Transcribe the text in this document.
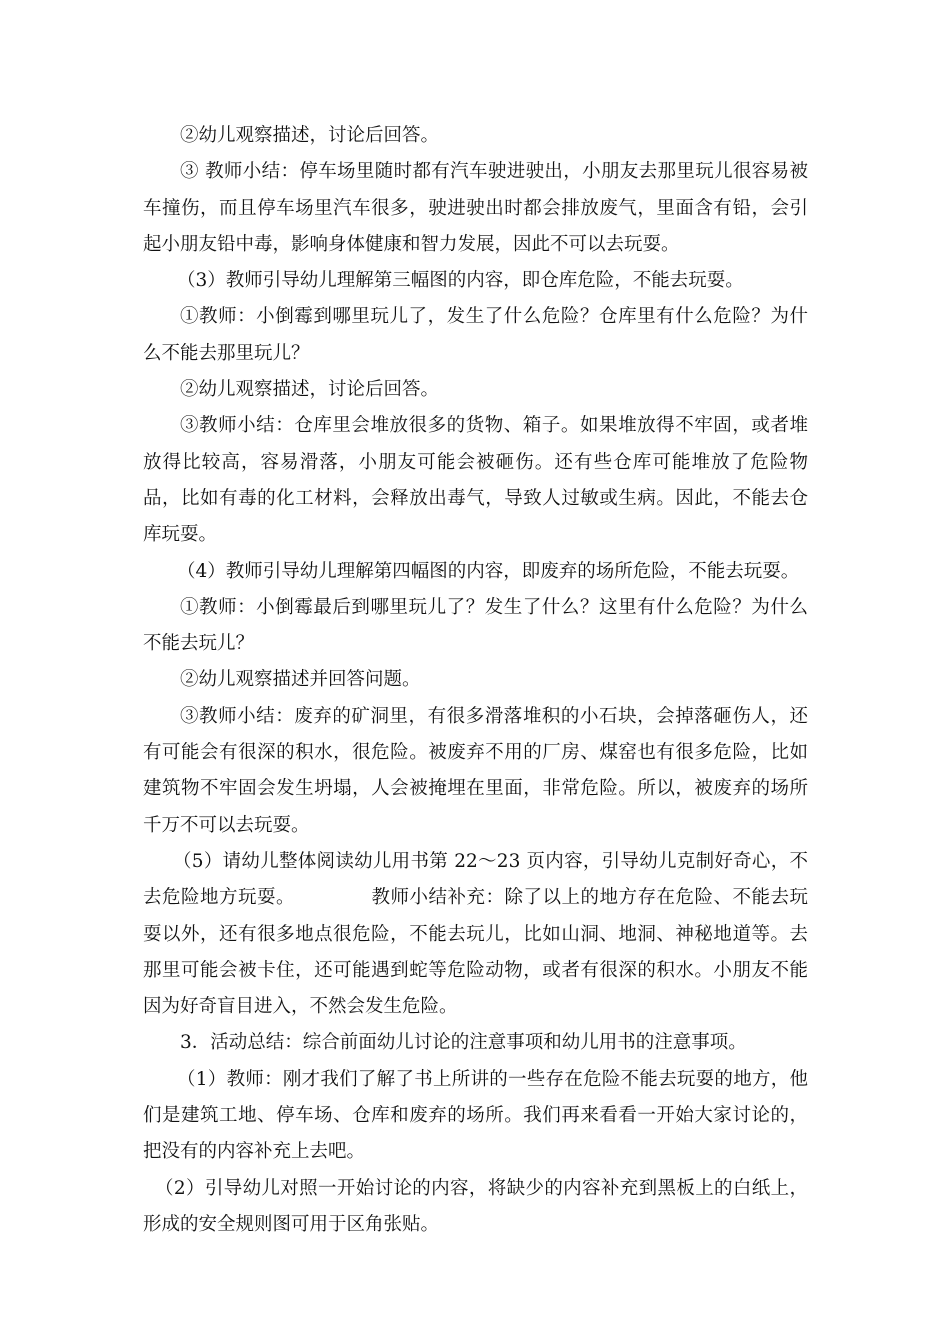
②幼儿观察描述，讨论后回答。

③ 教师小结：停车场里随时都有汽车驶进驶出，小朋友去那里玩儿很容易被车撞伤，而且停车场里汽车很多，驶进驶出时都会排放废气，里面含有铅，会引起小朋友铅中毒，影响身体健康和智力发展，因此不可以去玩耍。

（3）教师引导幼儿理解第三幅图的内容，即仓库危险，不能去玩耍。

①教师：小倒霉到哪里玩儿了，发生了什么危险？仓库里有什么危险？为什么不能去那里玩儿？

②幼儿观察描述，讨论后回答。

③教师小结：仓库里会堆放很多的货物、箱子。如果堆放得不牢固，或者堆放得比较高，容易滑落，小朋友可能会被砸伤。还有些仓库可能堆放了危险物品，比如有毒的化工材料，会释放出毒气，导致人过敏或生病。因此，不能去仓库玩耍。

（4）教师引导幼儿理解第四幅图的内容，即废弃的场所危险，不能去玩耍。

①教师：小倒霉最后到哪里玩儿了？发生了什么？这里有什么危险？为什么不能去玩儿？

②幼儿观察描述并回答问题。

③教师小结：废弃的矿洞里，有很多滑落堆积的小石块，会掉落砸伤人，还有可能会有很深的积水，很危险。被废弃不用的厂房、煤窑也有很多危险，比如建筑物不牢固会发生坍塌，人会被掩埋在里面，非常危险。所以，被废弃的场所千万不可以去玩耍。

（5）请幼儿整体阅读幼儿用书第 22～23 页内容，引导幼儿克制好奇心，不去危险地方玩耍。	教师小结补充：除了以上的地方存在危险、不能去玩耍以外，还有很多地点很危险，不能去玩儿，比如山洞、地洞、神秘地道等。去那里可能会被卡住，还可能遇到蛇等危险动物，或者有很深的积水。小朋友不能因为好奇盲目进入，不然会发生危险。

3．活动总结：综合前面幼儿讨论的注意事项和幼儿用书的注意事项。

（1）教师：刚才我们了解了书上所讲的一些存在危险不能去玩耍的地方，他们是建筑工地、停车场、仓库和废弃的场所。我们再来看看一开始大家讨论的，把没有的内容补充上去吧。

（2）引导幼儿对照一开始讨论的内容，将缺少的内容补充到黑板上的白纸上，形成的安全规则图可用于区角张贴。
